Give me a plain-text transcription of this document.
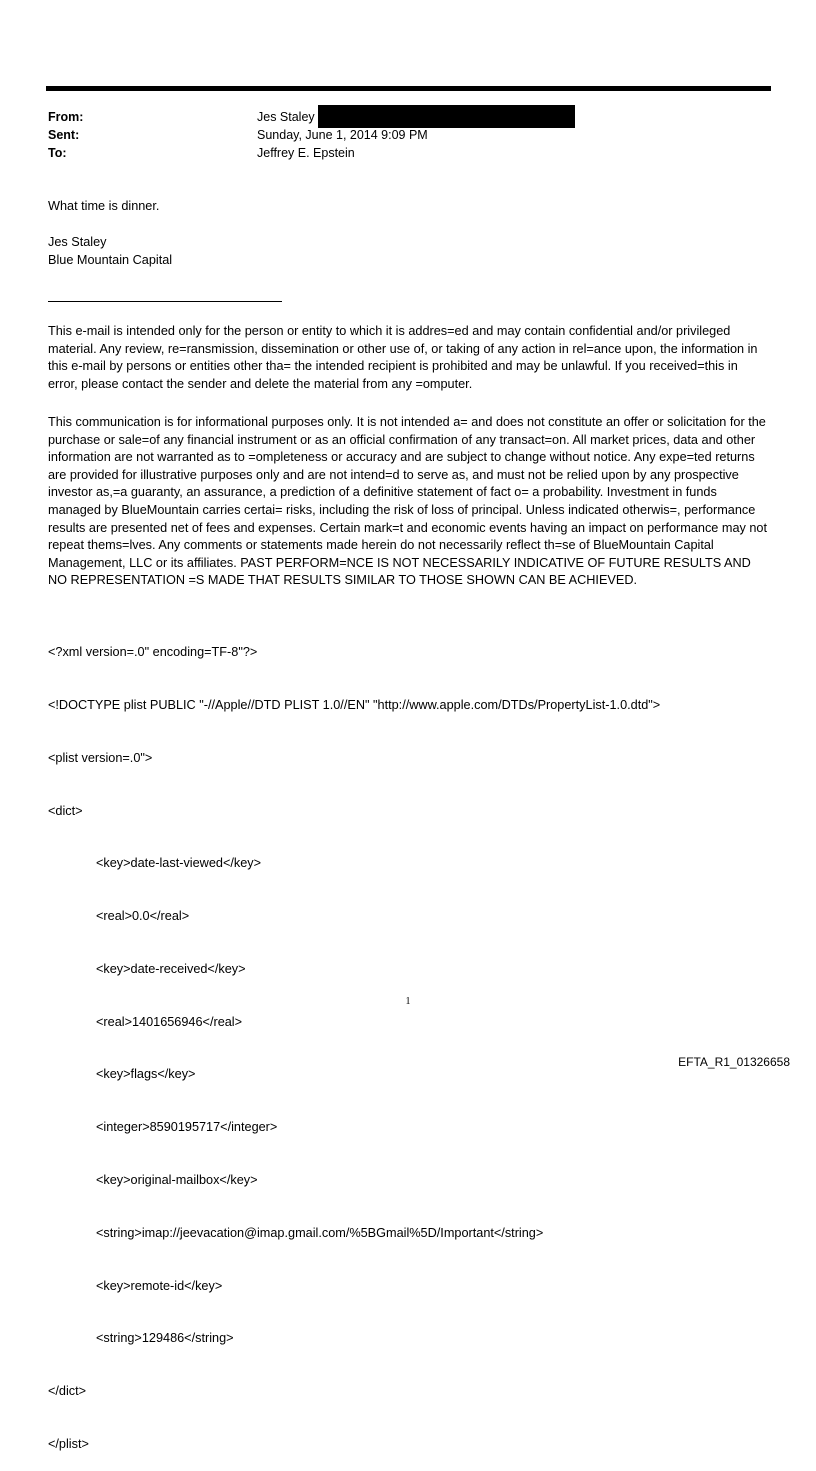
From:	Jes Staley
Sent:	Sunday, June 1, 2014 9:09 PM
To:	Jeffrey E. Epstein
What time is dinner.
Jes Staley
Blue Mountain Capital

This e-mail is intended only for the person or entity to which it is addres=ed and may contain confidential and/or privileged material. Any review, re=ransmission, dissemination or other use of, or taking of any action in rel=ance upon, the information in this e-mail by persons or entities other tha= the intended recipient is prohibited and may be unlawful. If you received=this in error, please contact the sender and delete the material from any =omputer.

This communication is for informational purposes only. It is not intended a= and does not constitute an offer or solicitation for the purchase or sale=of any financial instrument or as an official confirmation of any transact=on. All market prices, data and other information are not warranted as to =ompleteness or accuracy and are subject to change without notice. Any expe=ted returns are provided for illustrative purposes only and are not intend=d to serve as, and must not be relied upon by any prospective investor as,=a guaranty, an assurance, a prediction of a definitive statement of fact o= a probability. Investment in funds managed by BlueMountain carries certai= risks, including the risk of loss of principal. Unless indicated otherwis=, performance results are presented net of fees and expenses. Certain mark=t and economic events having an impact on performance may not repeat thems=lves. Any comments or statements made herein do not necessarily reflect th=se of BlueMountain Capital Management, LLC or its affiliates. PAST PERFORM=NCE IS NOT NECESSARILY INDICATIVE OF FUTURE RESULTS AND NO REPRESENTATION =S MADE THAT RESULTS SIMILAR TO THOSE SHOWN CAN BE ACHIEVED.

<?xml version=.0" encoding=TF-8"?>

<!DOCTYPE plist PUBLIC "-//Apple//DTD PLIST 1.0//EN" "http://www.apple.com/DTDs/PropertyList-1.0.dtd">

<plist version=.0">

<dict>

<key>date-last-viewed</key>

<real>0.0</real>

<key>date-received</key>

<real>1401656946</real>

<key>flags</key>

<integer>8590195717</integer>

<key>original-mailbox</key>

<string>imap://jeevacation@imap.gmail.com/%5BGmail%5D/Important</string>

<key>remote-id</key>

<string>129486</string>

</dict>

</plist>

1
EFTA_R1_01326658
